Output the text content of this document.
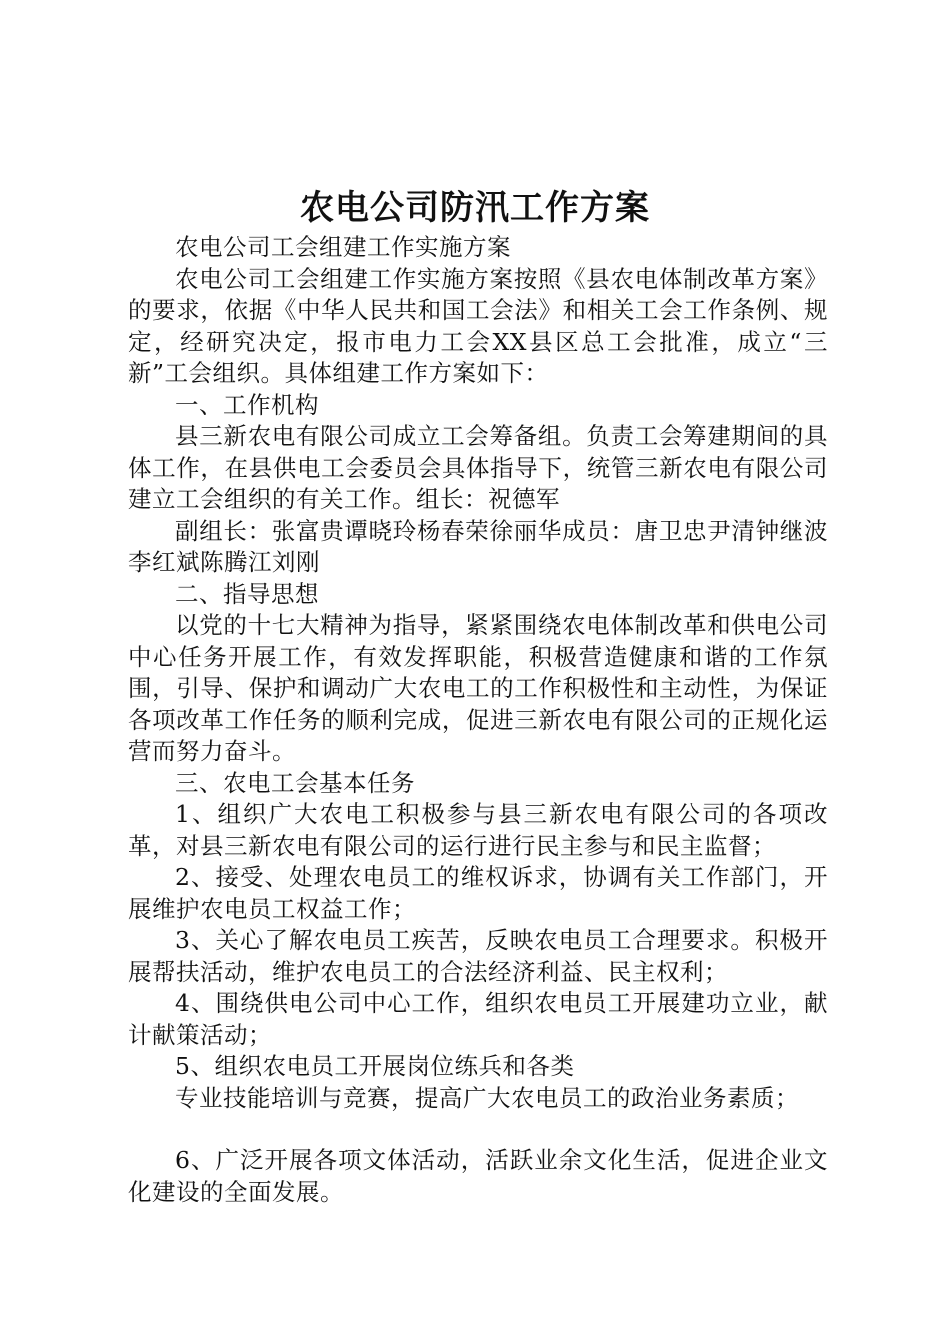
农电公司防汛工作方案

农电公司工会组建工作实施方案

农电公司工会组建工作实施方案按照《县农电体制改革方案》的要求，依据《中华人民共和国工会法》和相关工会工作条例、规定，经研究决定，报市电力工会XX县区总工会批准，成立“三新”工会组织。具体组建工作方案如下：

一、工作机构

县三新农电有限公司成立工会筹备组。负责工会筹建期间的具体工作，在县供电工会委员会具体指导下，统管三新农电有限公司建立工会组织的有关工作。组长：祝德军

副组长：张富贵谭晓玲杨春荣徐丽华成员：唐卫忠尹清钟继波李红斌陈腾江刘刚

二、指导思想

以党的十七大精神为指导，紧紧围绕农电体制改革和供电公司中心任务开展工作，有效发挥职能，积极营造健康和谐的工作氛围，引导、保护和调动广大农电工的工作积极性和主动性，为保证各项改革工作任务的顺利完成，促进三新农电有限公司的正规化运营而努力奋斗。

三、农电工会基本任务

1、组织广大农电工积极参与县三新农电有限公司的各项改革，对县三新农电有限公司的运行进行民主参与和民主监督；

2、接受、处理农电员工的维权诉求，协调有关工作部门，开展维护农电员工权益工作；

3、关心了解农电员工疾苦，反映农电员工合理要求。积极开展帮扶活动，维护农电员工的合法经济利益、民主权利；

4、围绕供电公司中心工作，组织农电员工开展建功立业，献计献策活动；

5、组织农电员工开展岗位练兵和各类

专业技能培训与竞赛，提高广大农电员工的政治业务素质；

6、广泛开展各项文体活动，活跃业余文化生活，促进企业文化建设的全面发展。
